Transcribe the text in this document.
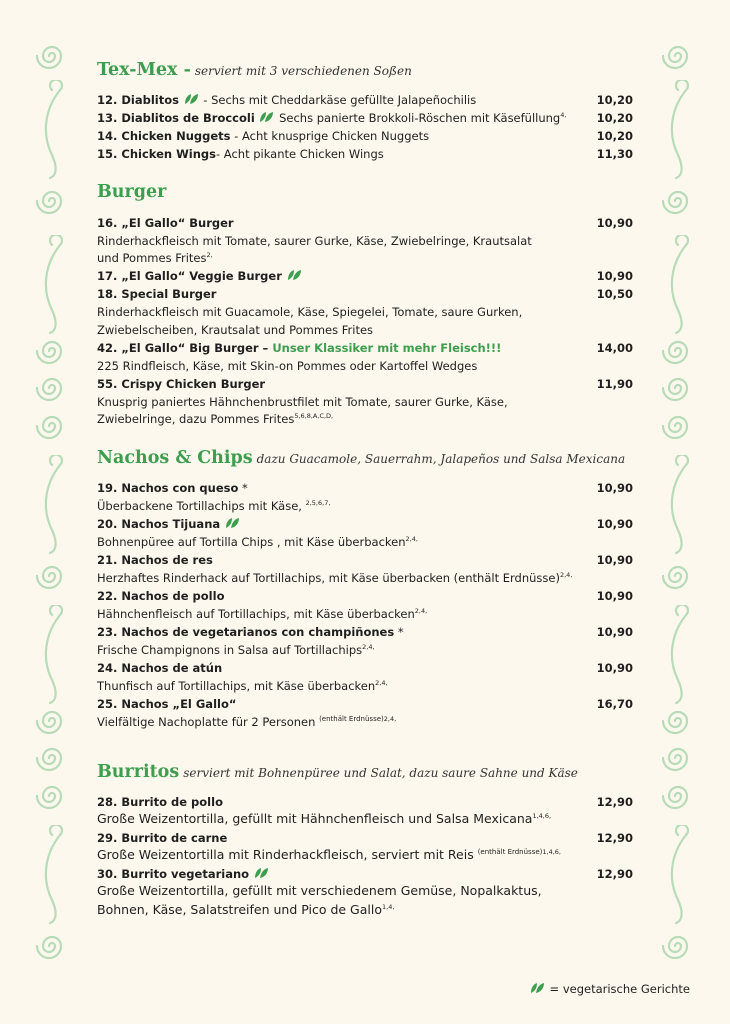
Tex-Mex - serviert mit 3 verschiedenen Soßen
12. Diablitos  - Sechs mit Cheddarkäse gefüllte Jalapeñochilis	10,20
13. Diablitos de Broccoli  Sechs panierte Brokkoli-Röschen mit Käsefüllung$^{4,}$	10,20
14. Chicken Nuggets - Acht knusprige Chicken Nuggets	10,20
15. Chicken Wings- Acht pikante Chicken Wings	11,30
Burger
16. „El Gallo“ Burger	10,90
Rinderhackfleisch mit Tomate, saurer Gurke, Käse, Zwiebelringe, Krautsalat
und Pommes Frites$^{2,}$
17. „El Gallo“ Veggie Burger	10,90
18. Special Burger	10,50
Rinderhackfleisch mit Guacamole, Käse, Spiegelei, Tomate, saure Gurken,
Zwiebelscheiben, Krautsalat und Pommes Frites
42. „El Gallo“ Big Burger – Unser Klassiker mit mehr Fleisch!!!	14,00
225 Rindfleisch, Käse, mit Skin-on Pommes oder Kartoffel Wedges
55. Crispy Chicken Burger	11,90
Knusprig paniertes Hähnchenbrustfilet mit Tomate, saurer Gurke, Käse,
Zwiebelringe, dazu Pommes Frites$^{5,6,8,A,C,D,}$
Nachos & Chips dazu Guacamole, Sauerrahm, Jalapeños und Salsa Mexicana
19. Nachos con queso *	10,90
Überbackene Tortillachips mit Käse, $^{2,5,6,7,}$
20. Nachos Tijuana	10,90
Bohnenpüree auf Tortilla Chips , mit Käse überbacken$^{2,4,}$
21. Nachos de res	10,90
Herzhaftes Rinderhack auf Tortillachips, mit Käse überbacken (enthält Erdnüsse)$^{2,4,}$
22. Nachos de pollo	10,90
Hähnchenfleisch auf Tortillachips, mit Käse überbacken$^{2,4,}$
23. Nachos de vegetarianos con champiñones *	10,90
Frische Champignons in Salsa auf Tortillachips$^{2,4,}$
24. Nachos de atún	10,90
Thunfisch auf Tortillachips, mit Käse überbacken$^{2,4,}$
25. Nachos „El Gallo“	16,70
Vielfältige Nachoplatte für 2 Personen $^{(enthält Erdnüsse)2,4,}$
Burritos serviert mit Bohnenpüree und Salat, dazu saure Sahne und Käse
28. Burrito de pollo	12,90
Große Weizentortilla, gefüllt mit Hähnchenfleisch und Salsa Mexicana$^{1,4,6,}$
29. Burrito de carne	12,90
Große Weizentortilla mit Rinderhackfleisch, serviert mit Reis $^{(enthält Erdnüsse)1,4,6,}$
30. Burrito vegetariano	12,90
Große Weizentortilla, gefüllt mit verschiedenem Gemüse, Nopalkaktus,
Bohnen, Käse, Salatstreifen und Pico de Gallo$^{1,4,}$
= vegetarische Gerichte
